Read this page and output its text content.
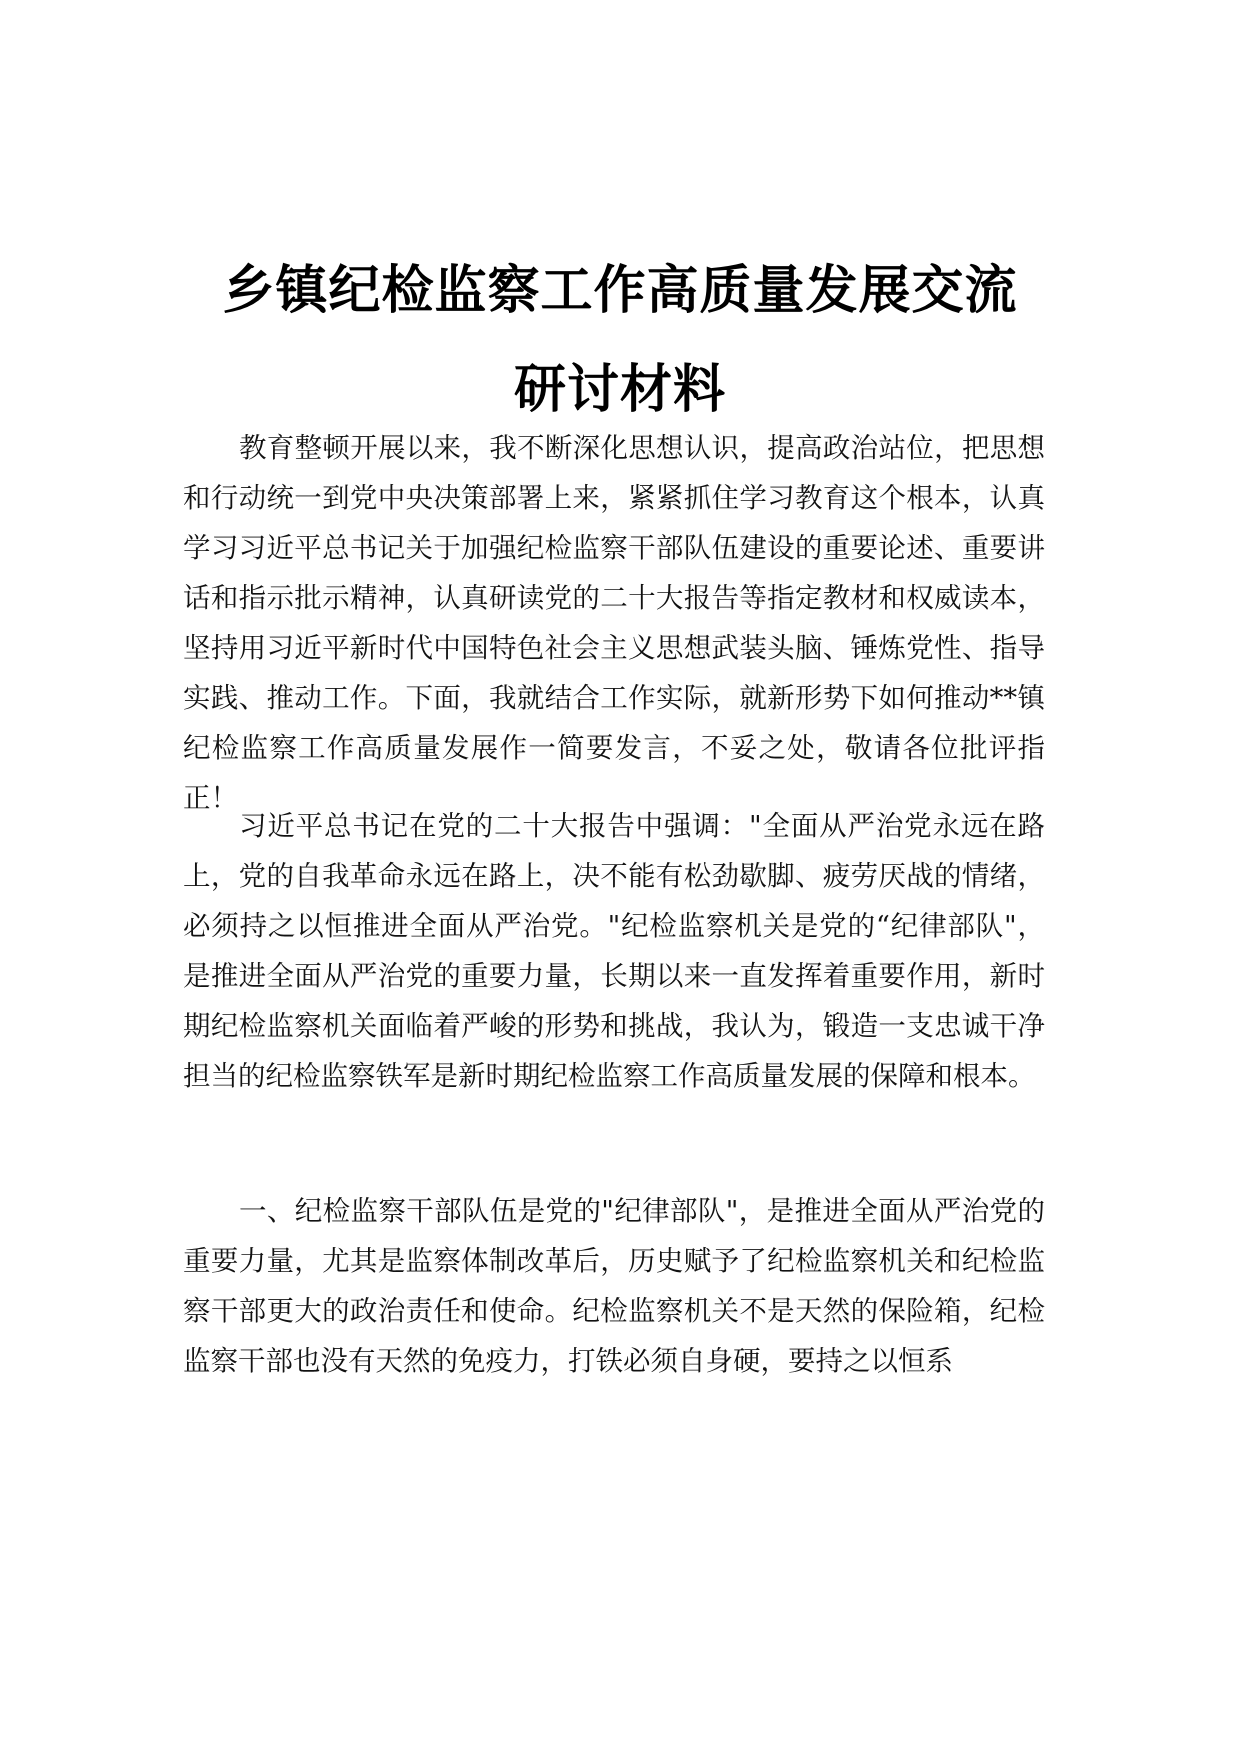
乡镇纪检监察工作高质量发展交流
研讨材料

教育整顿开展以来，我不断深化思想认识，提高政治站位，把思想和行动统一到党中央决策部署上来，紧紧抓住学习教育这个根本，认真学习习近平总书记关于加强纪检监察干部队伍建设的重要论述、重要讲话和指示批示精神，认真研读党的二十大报告等指定教材和权威读本，坚持用习近平新时代中国特色社会主义思想武装头脑、锤炼党性、指导实践、推动工作。下面，我就结合工作实际，就新形势下如何推动**镇纪检监察工作高质量发展作一简要发言，不妥之处，敬请各位批评指正！

习近平总书记在党的二十大报告中强调："全面从严治党永远在路上，党的自我革命永远在路上，决不能有松劲歇脚、疲劳厌战的情绪，必须持之以恒推进全面从严治党。"纪检监察机关是党的“纪律部队"，是推进全面从严治党的重要力量，长期以来一直发挥着重要作用，新时期纪检监察机关面临着严峻的形势和挑战，我认为，锻造一支忠诚干净担当的纪检监察铁军是新时期纪检监察工作高质量发展的保障和根本。

一、纪检监察干部队伍是党的"纪律部队"，是推进全面从严治党的重要力量，尤其是监察体制改革后，历史赋予了纪检监察机关和纪检监察干部更大的政治责任和使命。纪检监察机关不是天然的保险箱，纪检监察干部也没有天然的免疫力，打铁必须自身硬，要持之以恒系
